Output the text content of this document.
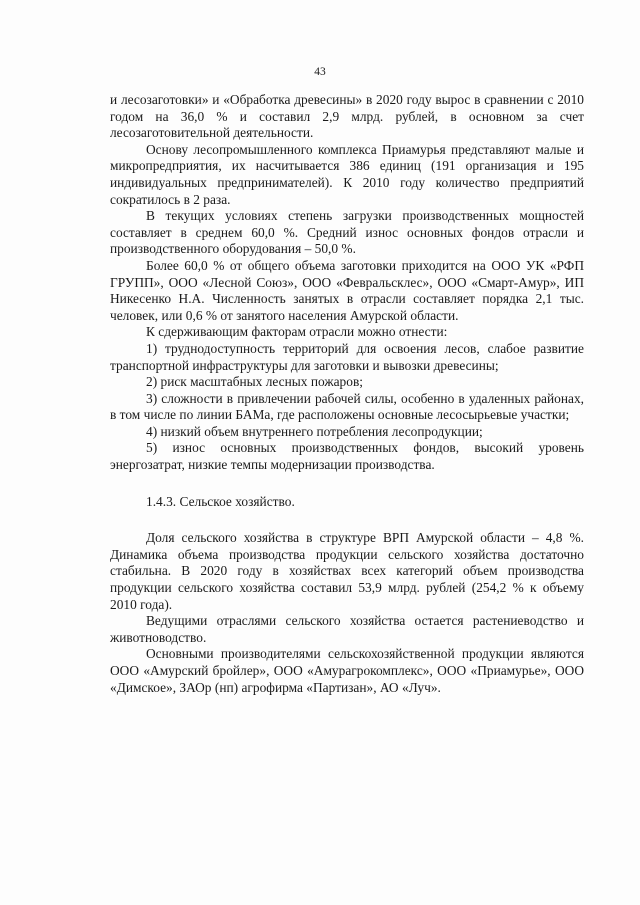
43

и лесозаготовки» и «Обработка древесины» в 2020 году вырос в сравнении с 2010 годом на 36,0 % и составил 2,9 млрд. рублей, в основном за счет лесозаготовительной деятельности.

Основу лесопромышленного комплекса Приамурья представляют малые и микропредприятия, их насчитывается 386 единиц (191 организация и 195 индивидуальных предпринимателей). К 2010 году количество предприятий сократилось в 2 раза.

В текущих условиях степень загрузки производственных мощностей составляет в среднем 60,0 %. Средний износ основных фондов отрасли и производственного оборудования – 50,0 %.

Более 60,0 % от общего объема заготовки приходится на ООО УК «РФП ГРУПП», ООО «Лесной Союз», ООО «Февральсклес», ООО «Смарт-Амур», ИП Никесенко Н.А. Численность занятых в отрасли составляет порядка 2,1 тыс. человек, или 0,6 % от занятого населения Амурской области.

К сдерживающим факторам отрасли можно отнести:

1) труднодоступность территорий для освоения лесов, слабое развитие транспортной инфраструктуры для заготовки и вывозки древесины;

2) риск масштабных лесных пожаров;

3) сложности в привлечении рабочей силы, особенно в удаленных районах, в том числе по линии БАМа, где расположены основные лесосырьевые участки;

4) низкий объем внутреннего потребления лесопродукции;

5) износ основных производственных фондов, высокий уровень энергозатрат, низкие темпы модернизации производства.

1.4.3. Сельское хозяйство.

Доля сельского хозяйства в структуре ВРП Амурской области – 4,8 %. Динамика объема производства продукции сельского хозяйства достаточно стабильна. В 2020 году в хозяйствах всех категорий объем производства продукции сельского хозяйства составил 53,9 млрд. рублей (254,2 % к объему 2010 года).

Ведущими отраслями сельского хозяйства остается растениеводство и животноводство.

Основными производителями сельскохозяйственной продукции являются ООО «Амурский бройлер», ООО «Амурагрокомплекс», ООО «Приамурье», ООО «Димское», ЗАОр (нп) агрофирма «Партизан», АО «Луч».
